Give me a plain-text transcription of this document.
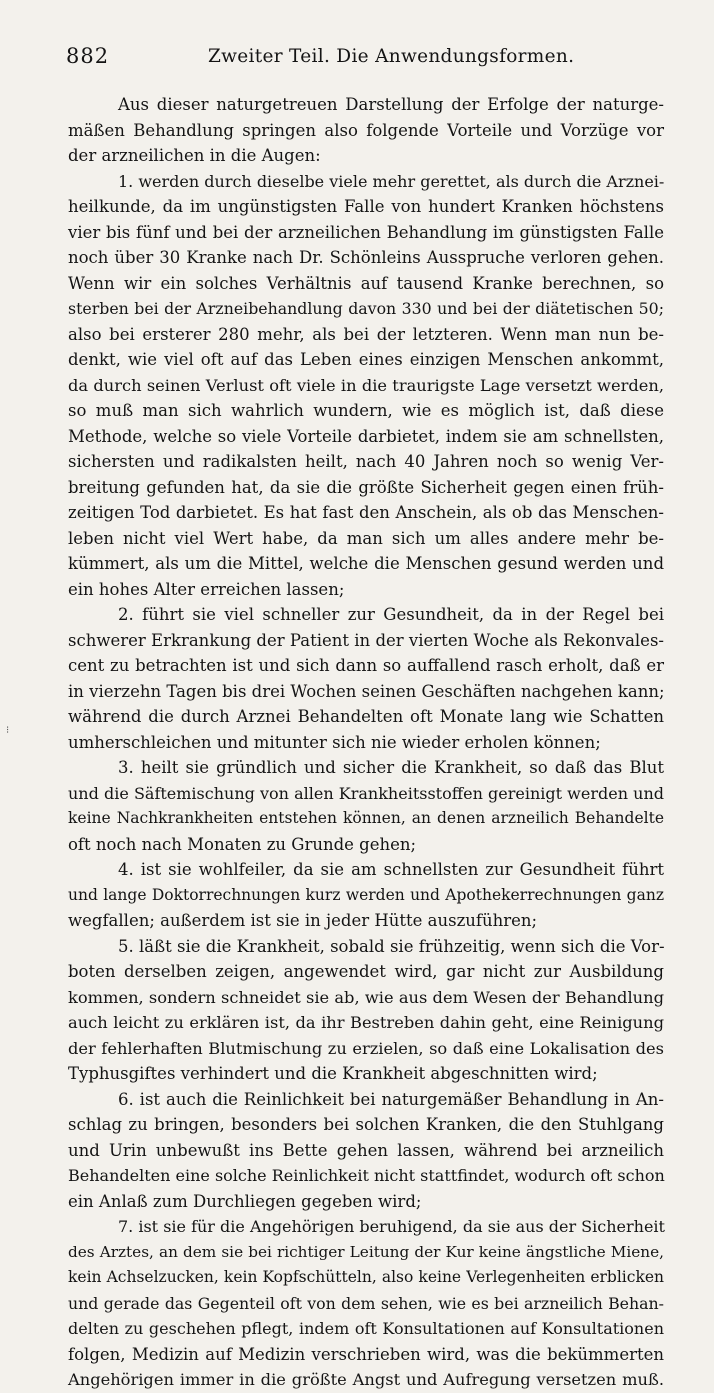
882	Zweiter Teil. Die Anwendungsformen.
⁝
Aus dieser naturgetreuen Darstellung der Erfolge der naturge-
mäßen Behandlung springen also folgende Vorteile und Vorzüge vor
der arzneilichen in die Augen:
1. werden durch dieselbe viele mehr gerettet, als durch die Arznei-
heilkunde, da im ungünstigsten Falle von hundert Kranken höchstens
vier bis fünf und bei der arzneilichen Behandlung im günstigsten Falle
noch über 30 Kranke nach Dr. Schönleins Ausspruche verloren gehen.
Wenn wir ein solches Verhältnis auf tausend Kranke berechnen, so
sterben bei der Arzneibehandlung davon 330 und bei der diätetischen 50;
also bei ersterer 280 mehr, als bei der letzteren. Wenn man nun be-
denkt, wie viel oft auf das Leben eines einzigen Menschen ankommt,
da durch seinen Verlust oft viele in die traurigste Lage versetzt werden,
so muß man sich wahrlich wundern, wie es möglich ist, daß diese
Methode, welche so viele Vorteile darbietet, indem sie am schnellsten,
sichersten und radikalsten heilt, nach 40 Jahren noch so wenig Ver-
breitung gefunden hat, da sie die größte Sicherheit gegen einen früh-
zeitigen Tod darbietet. Es hat fast den Anschein, als ob das Menschen-
leben nicht viel Wert habe, da man sich um alles andere mehr be-
kümmert, als um die Mittel, welche die Menschen gesund werden und
ein hohes Alter erreichen lassen;
2. führt sie viel schneller zur Gesundheit, da in der Regel bei
schwerer Erkrankung der Patient in der vierten Woche als Rekonvales-
cent zu betrachten ist und sich dann so auffallend rasch erholt, daß er
in vierzehn Tagen bis drei Wochen seinen Geschäften nachgehen kann;
während die durch Arznei Behandelten oft Monate lang wie Schatten
umherschleichen und mitunter sich nie wieder erholen können;
3. heilt sie gründlich und sicher die Krankheit, so daß das Blut
und die Säftemischung von allen Krankheitsstoffen gereinigt werden und
keine Nachkrankheiten entstehen können, an denen arzneilich Behandelte
oft noch nach Monaten zu Grunde gehen;
4. ist sie wohlfeiler, da sie am schnellsten zur Gesundheit führt
und lange Doktorrechnungen kurz werden und Apothekerrechnungen ganz
wegfallen; außerdem ist sie in jeder Hütte auszuführen;
5. läßt sie die Krankheit, sobald sie frühzeitig, wenn sich die Vor-
boten derselben zeigen, angewendet wird, gar nicht zur Ausbildung
kommen, sondern schneidet sie ab, wie aus dem Wesen der Behandlung
auch leicht zu erklären ist, da ihr Bestreben dahin geht, eine Reinigung
der fehlerhaften Blutmischung zu erzielen, so daß eine Lokalisation des
Typhusgiftes verhindert und die Krankheit abgeschnitten wird;
6. ist auch die Reinlichkeit bei naturgemäßer Behandlung in An-
schlag zu bringen, besonders bei solchen Kranken, die den Stuhlgang
und Urin unbewußt ins Bette gehen lassen, während bei arzneilich
Behandelten eine solche Reinlichkeit nicht stattfindet, wodurch oft schon
ein Anlaß zum Durchliegen gegeben wird;
7. ist sie für die Angehörigen beruhigend, da sie aus der Sicherheit
des Arztes, an dem sie bei richtiger Leitung der Kur keine ängstliche Miene,
kein Achselzucken, kein Kopfschütteln, also keine Verlegenheiten erblicken
und gerade das Gegenteil oft von dem sehen, wie es bei arzneilich Behan-
delten zu geschehen pflegt, indem oft Konsultationen auf Konsultationen
folgen, Medizin auf Medizin verschrieben wird, was die bekümmerten
Angehörigen immer in die größte Angst und Aufregung versetzen muß.
